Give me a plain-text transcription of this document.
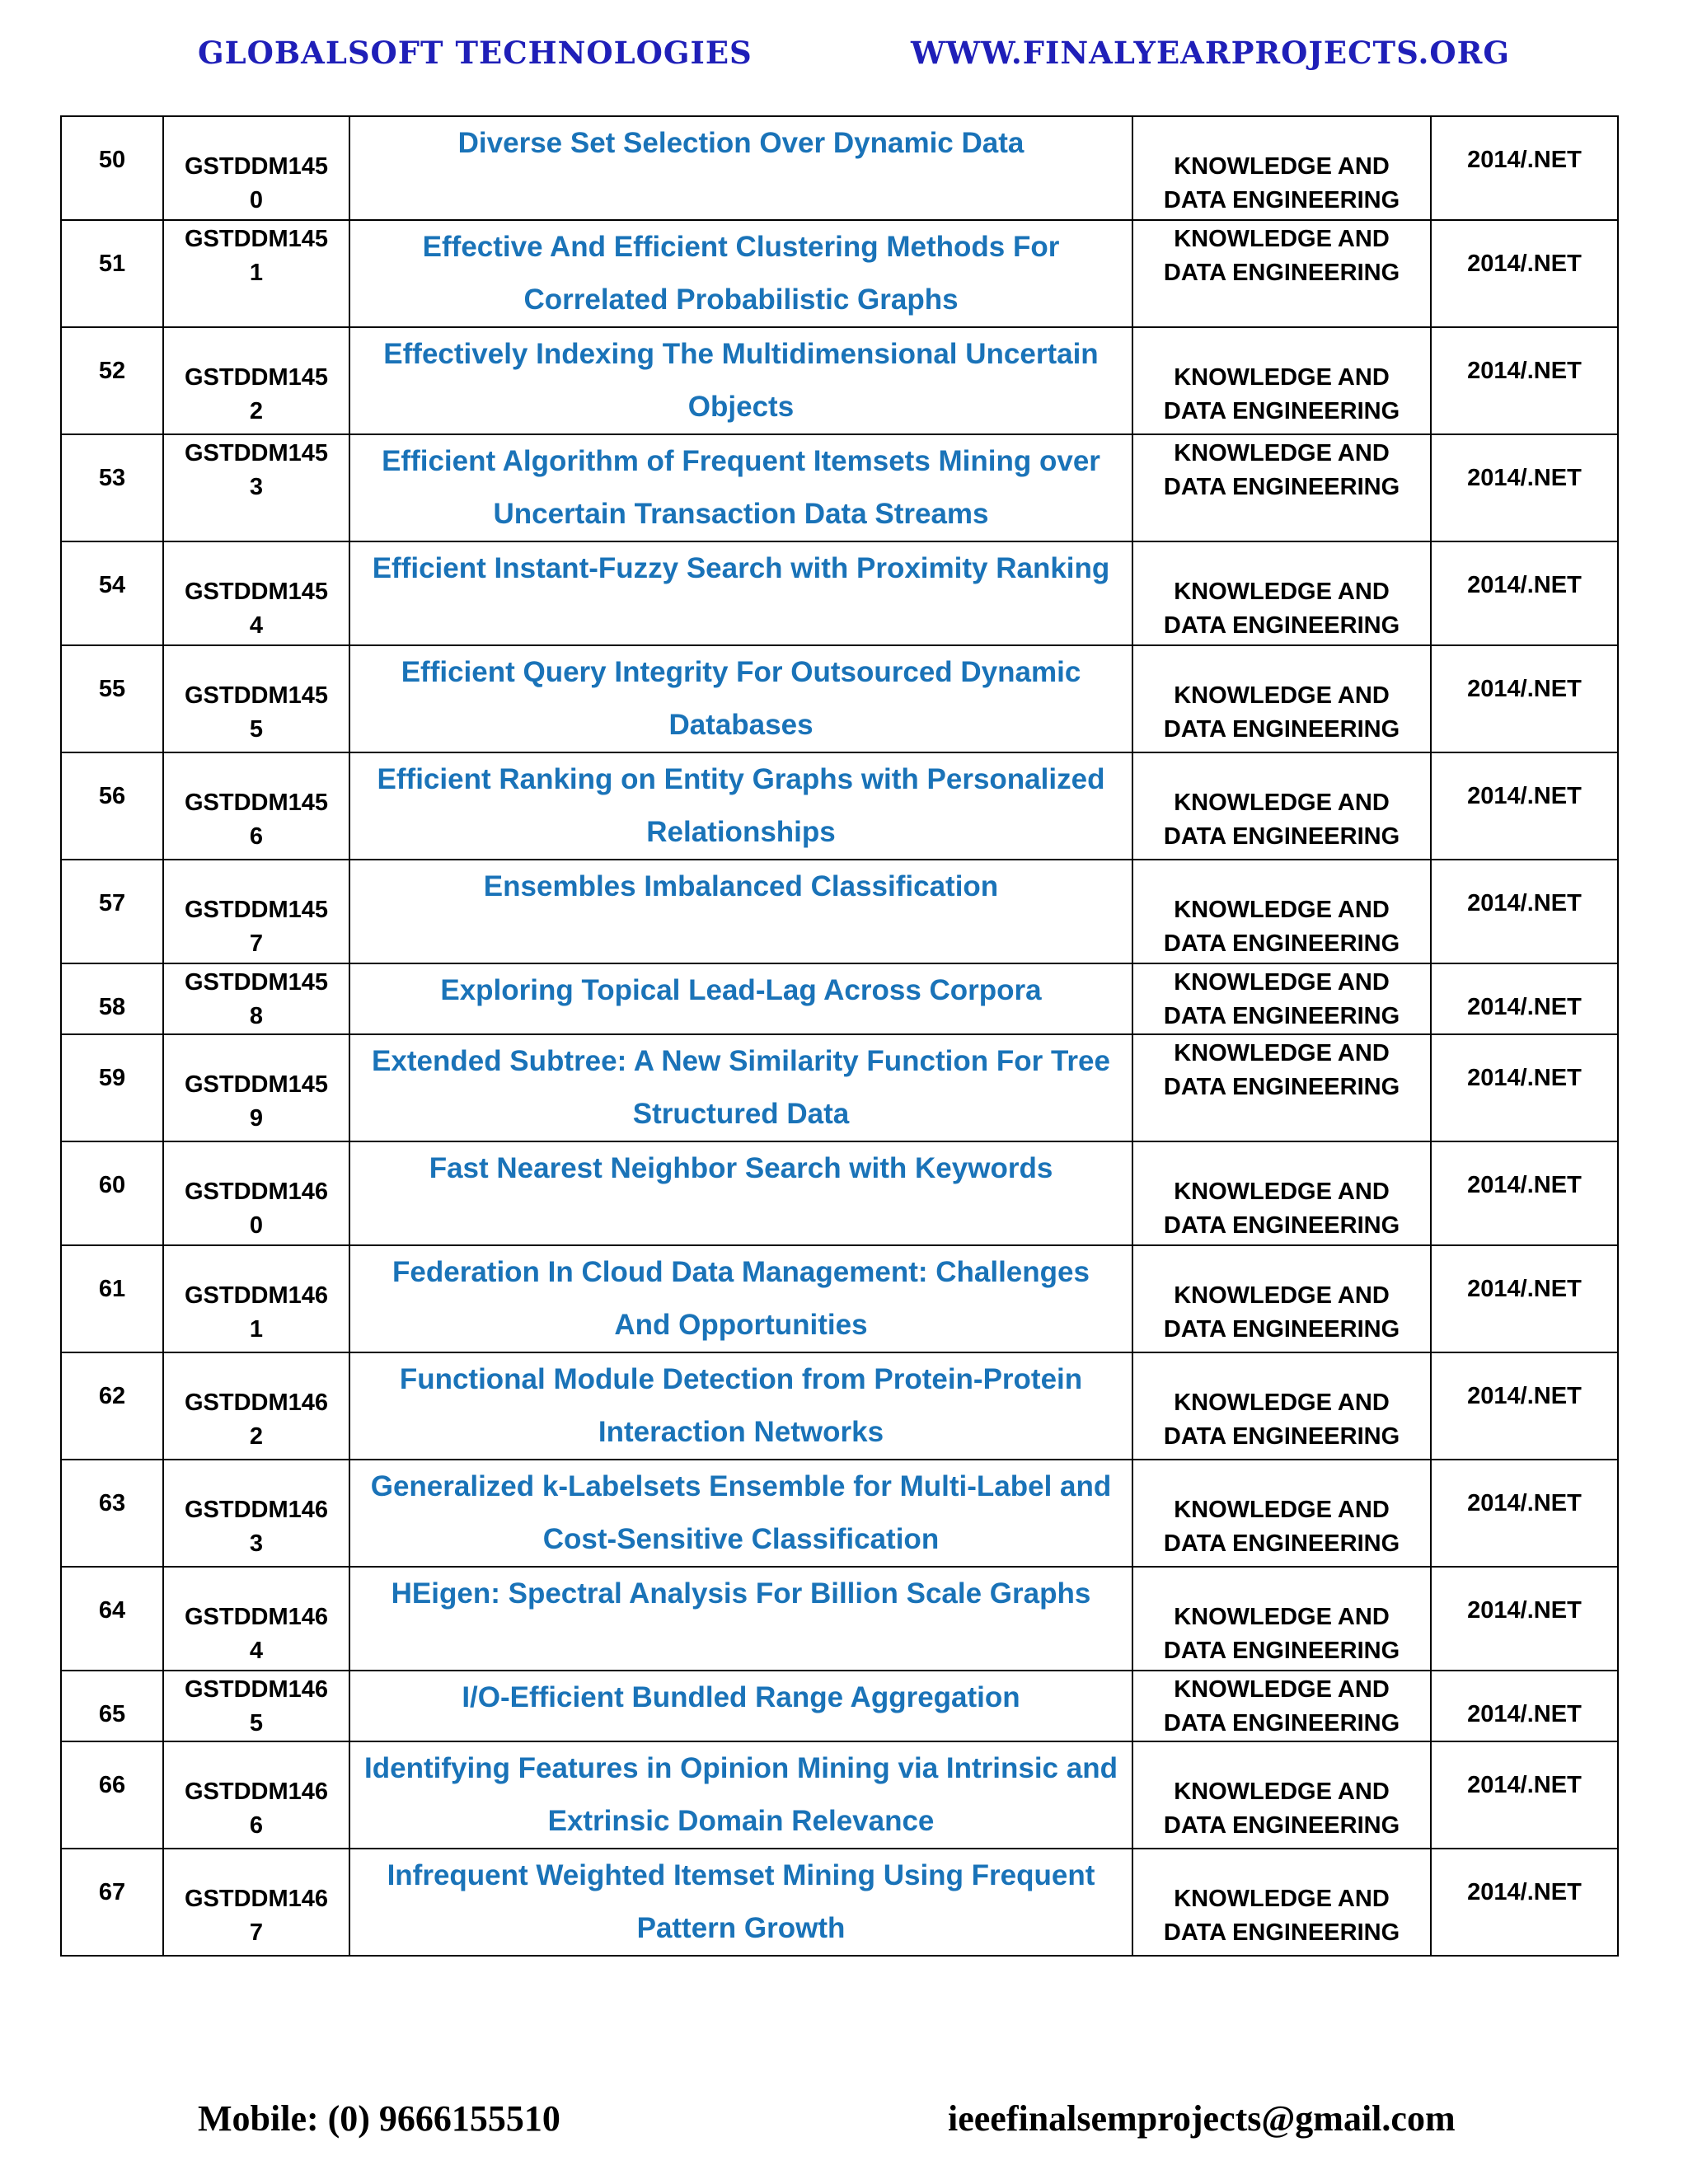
GLOBALSOFT TECHNOLOGIES	WWW.FINALYEARPROJECTS.ORG
50	GSTDDM1450	Diverse Set Selection Over Dynamic Data	KNOWLEDGE AND DATA ENGINEERING	2014/.NET

51	GSTDDM1451	Effective And Efficient Clustering Methods For Correlated Probabilistic Graphs	KNOWLEDGE AND DATA ENGINEERING	2014/.NET

52	GSTDDM1452	Effectively Indexing The Multidimensional Uncertain Objects	KNOWLEDGE AND DATA ENGINEERING	2014/.NET

53	GSTDDM1453	Efficient Algorithm of Frequent Itemsets Mining over Uncertain Transaction Data Streams	KNOWLEDGE AND DATA ENGINEERING	2014/.NET

54	GSTDDM1454	Efficient Instant-Fuzzy Search with Proximity Ranking	KNOWLEDGE AND DATA ENGINEERING	2014/.NET

55	GSTDDM1455	Efficient Query Integrity For Outsourced Dynamic Databases	KNOWLEDGE AND DATA ENGINEERING	2014/.NET

56	GSTDDM1456	Efficient Ranking on Entity Graphs with Personalized Relationships	KNOWLEDGE AND DATA ENGINEERING	2014/.NET

57	GSTDDM1457	Ensembles Imbalanced Classification	KNOWLEDGE AND DATA ENGINEERING	2014/.NET

58	GSTDDM1458	Exploring Topical Lead-Lag Across Corpora	KNOWLEDGE AND DATA ENGINEERING	2014/.NET

59	GSTDDM1459	Extended Subtree: A New Similarity Function For Tree Structured Data	KNOWLEDGE AND DATA ENGINEERING	2014/.NET

60	GSTDDM1460	Fast Nearest Neighbor Search with Keywords	KNOWLEDGE AND DATA ENGINEERING	2014/.NET

61	GSTDDM1461	Federation In Cloud Data Management: Challenges And Opportunities	KNOWLEDGE AND DATA ENGINEERING	2014/.NET

62	GSTDDM1462	Functional Module Detection from Protein-Protein Interaction Networks	KNOWLEDGE AND DATA ENGINEERING	2014/.NET

63	GSTDDM1463	Generalized k-Labelsets Ensemble for Multi-Label and Cost-Sensitive Classification	KNOWLEDGE AND DATA ENGINEERING	2014/.NET

64	GSTDDM1464	HEigen: Spectral Analysis For Billion Scale Graphs	KNOWLEDGE AND DATA ENGINEERING	2014/.NET

65	GSTDDM1465	I/O-Efficient Bundled Range Aggregation	KNOWLEDGE AND DATA ENGINEERING	2014/.NET

66	GSTDDM1466	Identifying Features in Opinion Mining via Intrinsic and Extrinsic Domain Relevance	KNOWLEDGE AND DATA ENGINEERING	2014/.NET

67	GSTDDM1467	Infrequent Weighted Itemset Mining Using Frequent Pattern Growth	KNOWLEDGE AND DATA ENGINEERING	2014/.NET
Mobile: (0) 9666155510	ieeefinalsemprojects@gmail.com
